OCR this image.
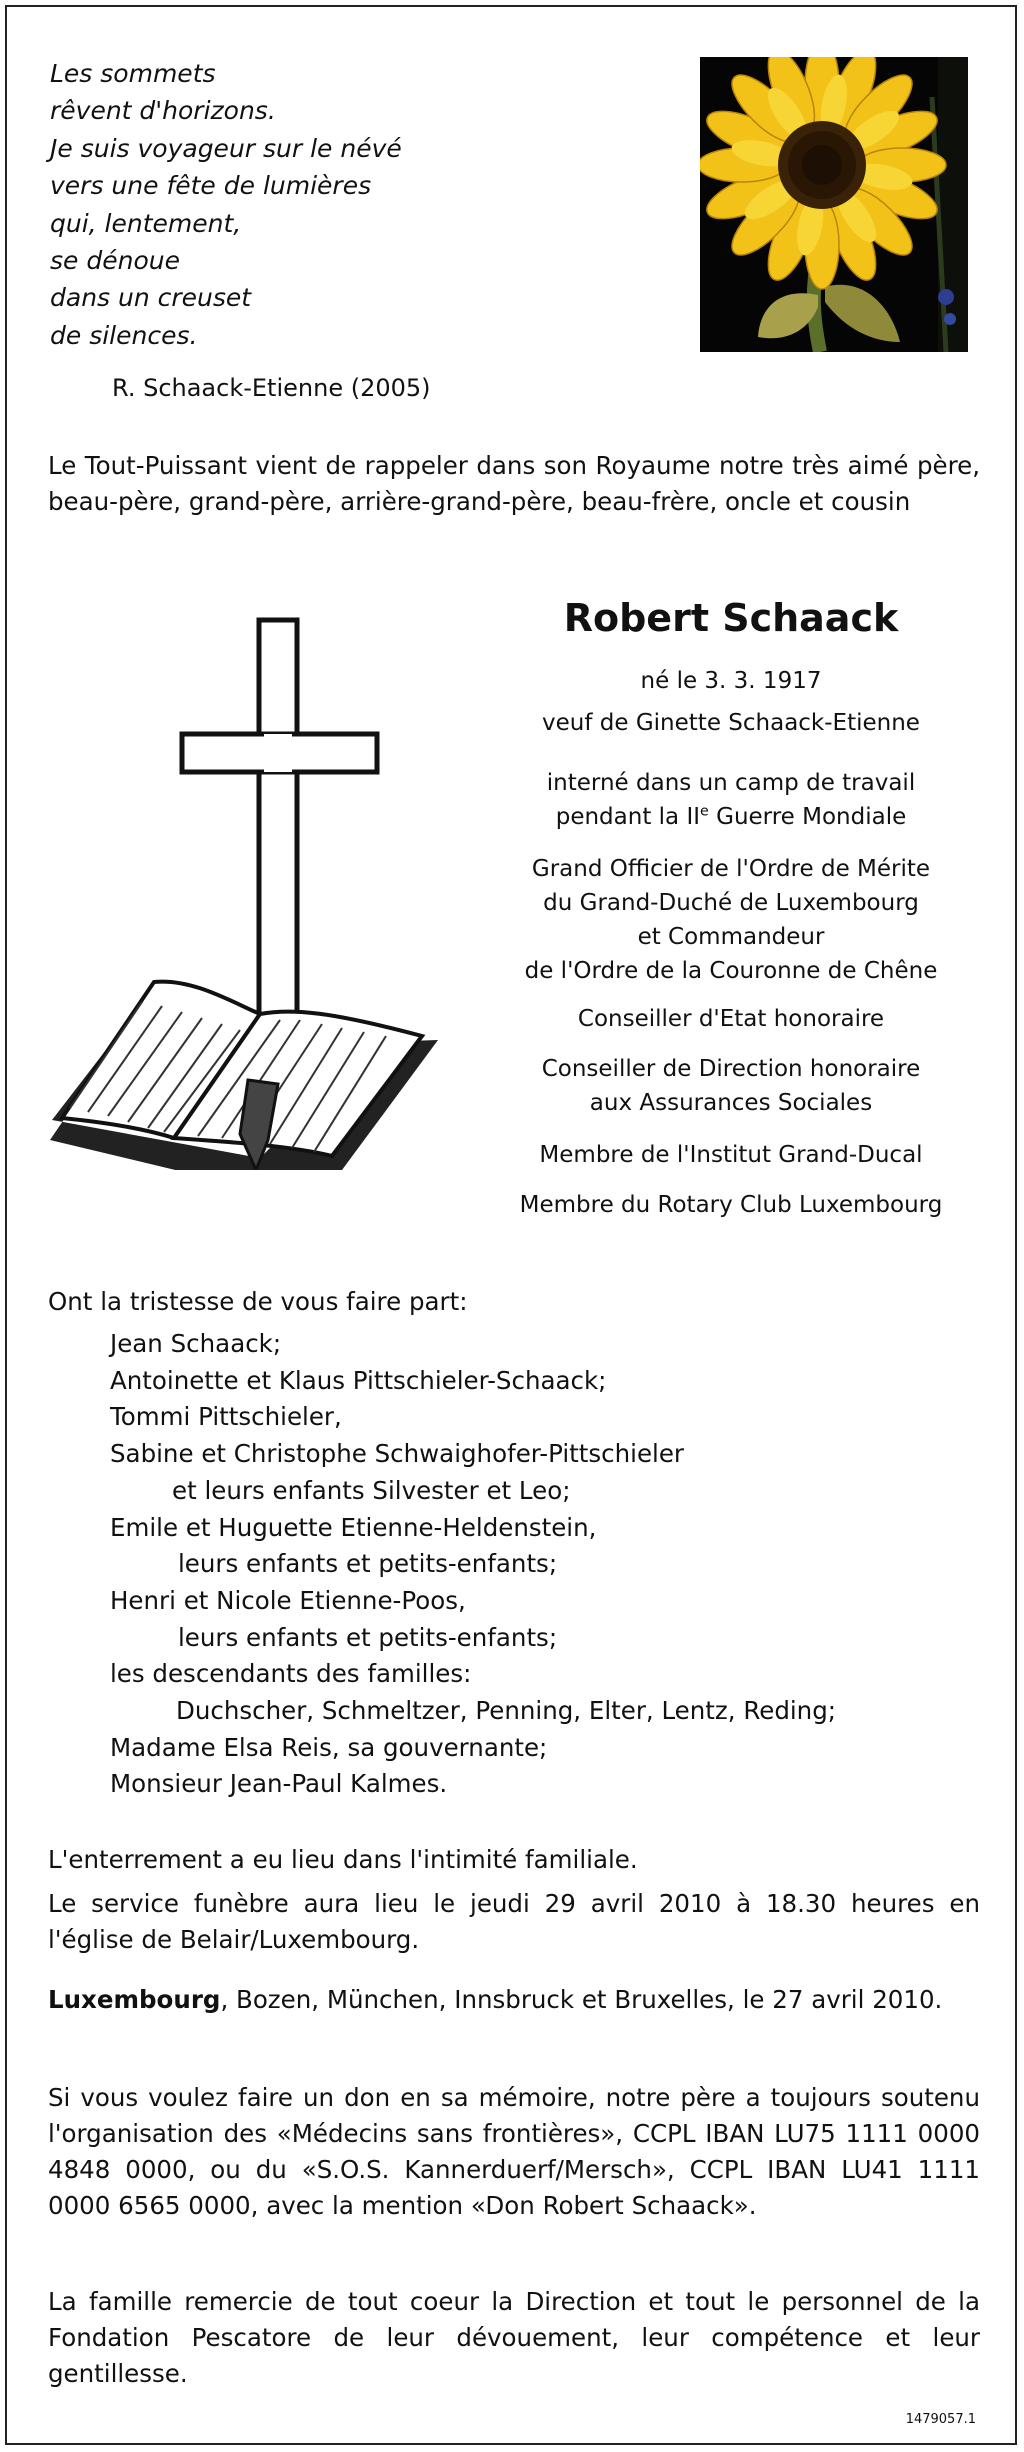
Les sommets
rêvent d'horizons.
Je suis voyageur sur le névé
vers une fête de lumières
qui, lentement,
se dénoue
dans un creuset
de silences.
R. Schaack-Etienne (2005)
Le Tout-Puissant vient de rappeler dans son Royaume notre très aimé père, beau-père, grand-père, arrière-grand-père, beau-frère, oncle et cousin
Robert Schaack
né le 3. 3. 1917
veuf de Ginette Schaack-Etienne
interné dans un camp de travail
pendant la IIe Guerre Mondiale
Grand Officier de l'Ordre de Mérite
du Grand-Duché de Luxembourg
et Commandeur
de l'Ordre de la Couronne de Chêne
Conseiller d'Etat honoraire
Conseiller de Direction honoraire
aux Assurances Sociales
Membre de l'Institut Grand-Ducal
Membre du Rotary Club Luxembourg
Ont la tristesse de vous faire part:
Jean Schaack;
Antoinette et Klaus Pittschieler-Schaack;
Tommi Pittschieler,
Sabine et Christophe Schwaighofer-Pittschieler
et leurs enfants Silvester et Leo;
Emile et Huguette Etienne-Heldenstein,
leurs enfants et petits-enfants;
Henri et Nicole Etienne-Poos,
leurs enfants et petits-enfants;
les descendants des familles:
Duchscher, Schmeltzer, Penning, Elter, Lentz, Reding;
Madame Elsa Reis, sa gouvernante;
Monsieur Jean-Paul Kalmes.
L'enterrement a eu lieu dans l'intimité familiale.
Le service funèbre aura lieu le jeudi 29 avril 2010 à 18.30 heures en l'église de Belair/Luxembourg.
Luxembourg, Bozen, München, Innsbruck et Bruxelles, le 27 avril 2010.
Si vous voulez faire un don en sa mémoire, notre père a toujours soutenu l'organisation des «Médecins sans frontières», CCPL IBAN LU75 1111 0000 4848 0000, ou du «S.O.S. Kannerduerf/Mersch», CCPL IBAN LU41 1111 0000 6565 0000, avec la mention «Don Robert Schaack».
La famille remercie de tout coeur la Direction et tout le personnel de la Fondation Pescatore de leur dévouement, leur compétence et leur gentillesse.
1479057.1
